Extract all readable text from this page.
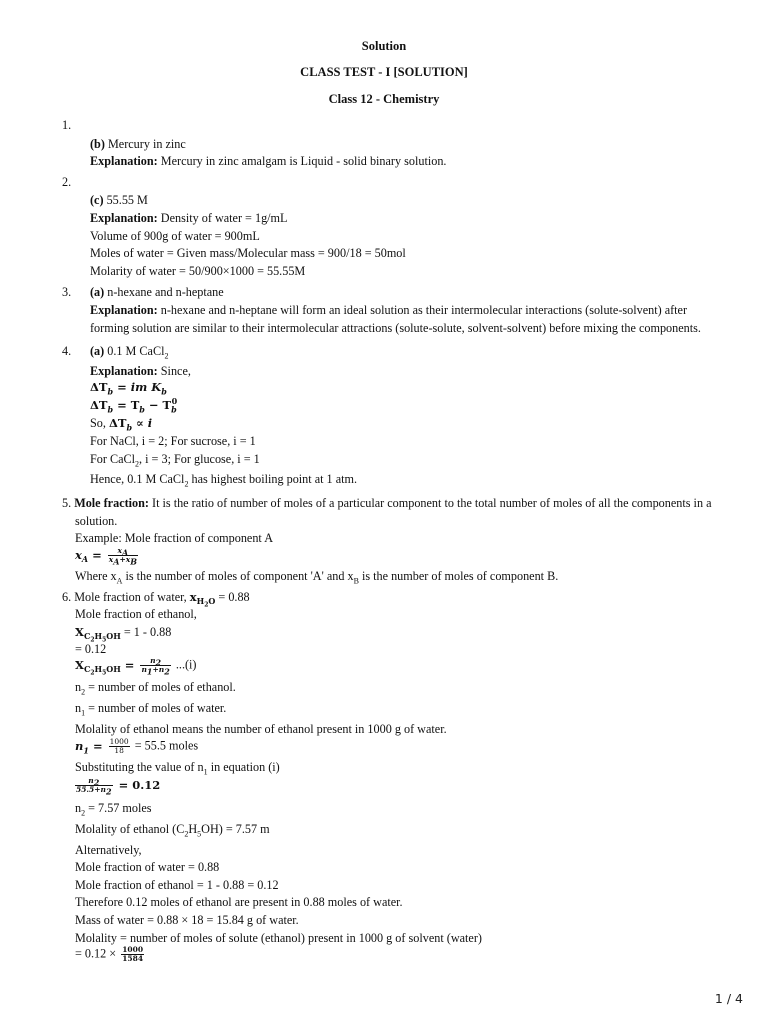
Solution
CLASS TEST - I [SOLUTION]
Class 12 - Chemistry
1.
(b) Mercury in zinc
Explanation: Mercury in zinc amalgam is Liquid - solid binary solution.
2.
(c) 55.55 M
Explanation: Density of water = 1g/mL
Volume of 900g of water = 900mL
Moles of water = Given mass/Molecular mass = 900/18 = 50mol
Molarity of water = 50/900×1000 = 55.55M
3. (a) n-hexane and n-heptane
Explanation: n-hexane and n-heptane will form an ideal solution as their intermolecular interactions (solute-solvent) after
forming solution are similar to their intermolecular attractions (solute-solute, solvent-solvent) before mixing the components.
4. (a) 0.1 M CaCl$_2$
Explanation: Since,
$\Delta T_b$ = im $K_b$
$\Delta T_b = T_b - T_b^0$
So, $\Delta T_b \propto i$
For NaCl, i = 2; For sucrose, i = 1
For CaCl$_2$, i = 3; For glucose, i = 1
Hence, 0.1 M CaCl$_2$ has highest boiling point at 1 atm.
5. Mole fraction: It is the ratio of number of moles of a particular component to the total number of moles of all the components in a
solution.
Example: Mole fraction of component A
$x_A = \frac{x_A}{x_A+x_B}$
Where $x_A$ is the number of moles of component 'A' and $x_B$ is the number of moles of component B.
6. Mole fraction of water, $x_{H_2O} = 0.88$
Mole fraction of ethanol,
$X_{C_2H_5OH} = 1 - 0.88$
= 0.12
$X_{C_2H_5OH} = \frac{n_2}{n_1+n_2} ...(i)$
$n_2$ = number of moles of ethanol.
$n_1$ = number of moles of water.
Molality of ethanol means the number of ethanol present in 1000 g of water.
$n_1 = \frac{1000}{18} = 55.5$ moles
Substituting the value of $n_1$ in equation (i)
$\frac{n_2}{55.5+n_2} = 0.12$
$n_2 = 7.57$ moles
Molality of ethanol $(C_2H_5OH) = 7.57$ m
Alternatively,
Mole fraction of water = 0.88
Mole fraction of ethanol = 1 - 0.88 = 0.12
Therefore 0.12 moles of ethanol are present in 0.88 moles of water.
Mass of water = 0.88 × 18 = 15.84 g of water.
Molality = number of moles of solute (ethanol) present in 1000 g of solvent (water)
= $0.12 \times \frac{1000}{1584}$
1 / 4
